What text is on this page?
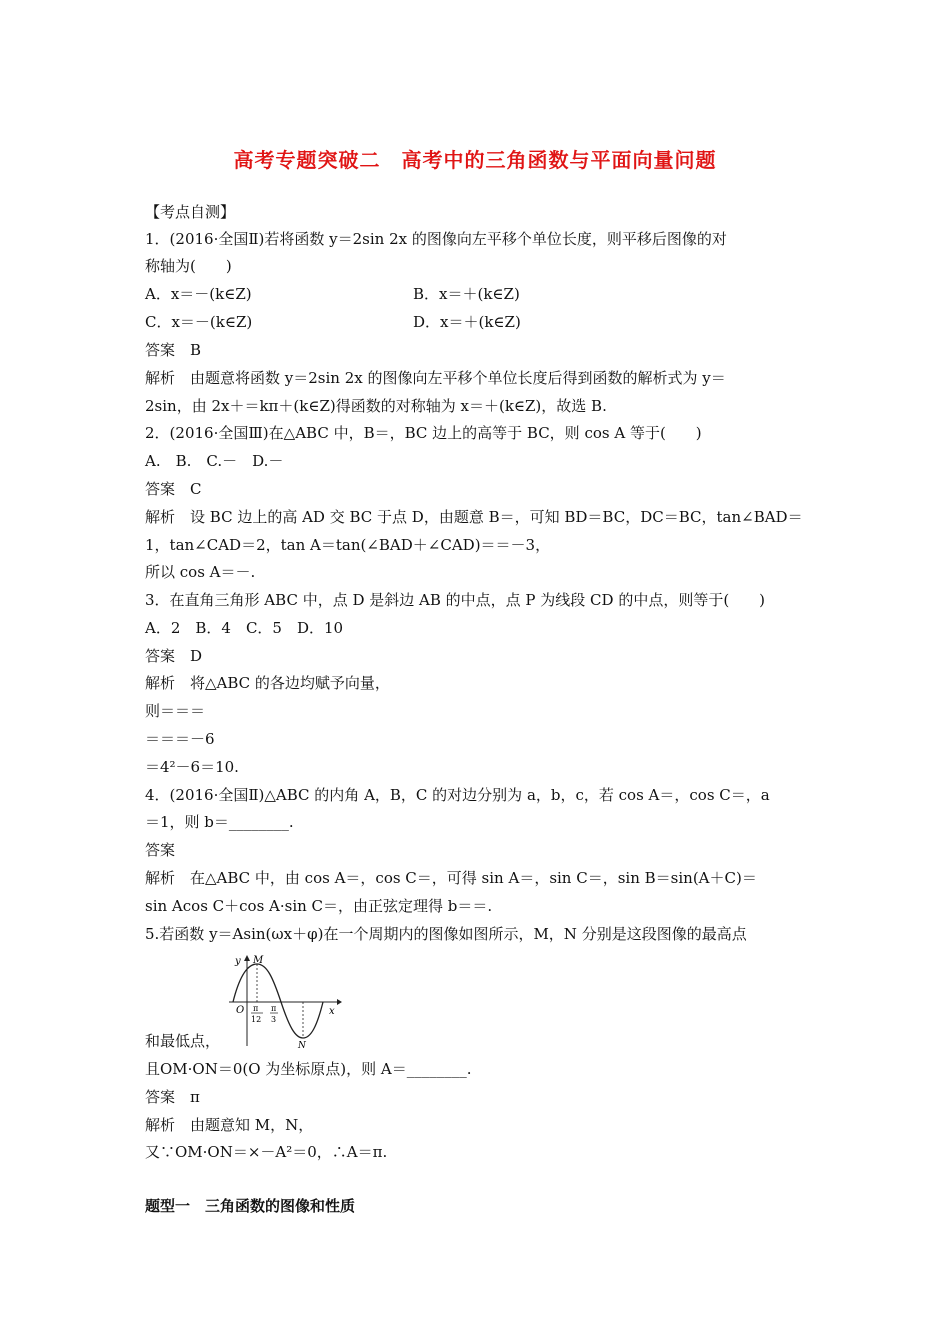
高考专题突破二　高考中的三角函数与平面向量问题
【考点自测】
1．(2016·全国Ⅱ)若将函数 y＝2sin 2x 的图像向左平移个单位长度，则平移后图像的对
称轴为(　　)
A．x＝－(k∈Z)	B．x＝＋(k∈Z)
C．x＝－(k∈Z)	D．x＝＋(k∈Z)
答案　B
解析　由题意将函数 y＝2sin 2x 的图像向左平移个单位长度后得到函数的解析式为 y＝
2sin，由 2x＋＝kπ＋(k∈Z)得函数的对称轴为 x＝＋(k∈Z)，故选 B.
2．(2016·全国Ⅲ)在△ABC 中，B＝，BC 边上的高等于 BC，则 cos A 等于(　　)
A.　B.　C.－　D.－
答案　C
解析　设 BC 边上的高 AD 交 BC 于点 D，由题意 B＝，可知 BD＝BC，DC＝BC，tan∠BAD＝
1，tan∠CAD＝2，tan A＝tan(∠BAD＋∠CAD)＝＝－3，
所以 cos A＝－.
3．在直角三角形 ABC 中，点 D 是斜边 AB 的中点，点 P 为线段 CD 的中点，则等于(　　)
A．2　B．4　C．5　D．10
答案　D
解析　将△ABC 的各边均赋予向量，
则＝＝＝
＝＝＝－6
＝4²－6＝10.
4．(2016·全国Ⅱ)△ABC 的内角 A，B，C 的对边分别为 a，b，c，若 cos A＝，cos C＝，a
＝1，则 b＝________.
答案
解析　在△ABC 中，由 cos A＝，cos C＝，可得 sin A＝，sin C＝，sin B＝sin(A＋C)＝
sin Acos C＋cos A·sin C＝，由正弦定理得 b＝＝.
5.若函数 y＝Asin(ωx＋φ)在一个周期内的图像如图所示，M，N 分别是这段图像的最高点
y M
x
O
N
π
12
π
3
和最低点，
且OM·ON＝0(O 为坐标原点)，则 A＝________.
答案　π
解析　由题意知 M，N，
又∵OM·ON＝×－A²＝0，∴A＝π.
题型一　三角函数的图像和性质
